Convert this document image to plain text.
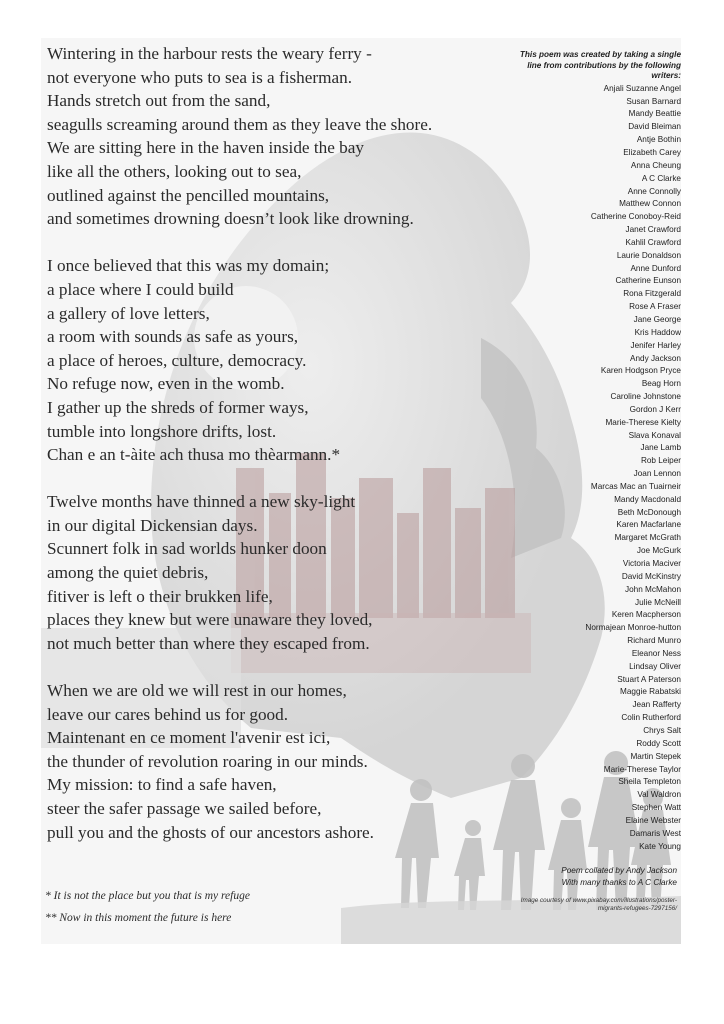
Wintering in the harbour rests the weary ferry -
not everyone who puts to sea is a fisherman.
Hands stretch out from the sand,
seagulls screaming around them as they leave the shore.
We are sitting here in the haven inside the bay
like all the others, looking out to sea,
outlined against the pencilled mountains,
and sometimes drowning doesn’t look like drowning.
I once believed that this was my domain;
a place where I could build
a gallery of love letters,
a room with sounds as safe as yours,
a place of heroes, culture, democracy.
No refuge now, even in the womb.
I gather up the shreds of former ways,
tumble into longshore drifts, lost.
Chan e an t-àite ach thusa mo thèarmann.*
Twelve months have thinned a new sky-light
in our digital Dickensian days.
Scunnert folk in sad worlds hunker doon
among the quiet debris,
fitiver is left o their brukken life,
places they knew but were unaware they loved,
not much better than where they escaped from.
When we are old we will rest in our homes,
leave our cares behind us for good.
Maintenant en ce moment l'avenir est ici,
the thunder of revolution roaring in our minds.
My mission: to find a safe haven,
steer the safer passage we sailed before,
pull you and the ghosts of our ancestors ashore.
* It is not the place but you that is my refuge
** Now in this moment the future is here
This poem was created by taking a single
line from contributions by the following
writers:
Anjali Suzanne Angel
Susan Barnard
Mandy Beattie
David Bleiman
Antje Bothin
Elizabeth Carey
Anna Cheung
A C Clarke
Anne Connolly
Matthew Connon
Catherine Conoboy-Reid
Janet Crawford
Kahlil Crawford
Laurie Donaldson
Anne Dunford
Catherine Eunson
Rona Fitzgerald
Rose A Fraser
Jane George
Kris Haddow
Jenifer Harley
Andy Jackson
Karen Hodgson Pryce
Beag Horn
Caroline Johnstone
Gordon J Kerr
Marie-Therese Kielty
Slava Konaval
Jane Lamb
Rob Leiper
Joan Lennon
Marcas Mac an Tuairneir
Mandy Macdonald
Beth McDonough
Karen Macfarlane
Margaret McGrath
Joe McGurk
Victoria Maciver
David McKinstry
John McMahon
Julie McNeill
Keren Macpherson
Normajean Monroe-hutton
Richard Munro
Eleanor Ness
Lindsay Oliver
Stuart A Paterson
Maggie Rabatski
Jean Rafferty
Colin Rutherford
Chrys Salt
Roddy Scott
Martin Stepek
Marie-Therese Taylor
Sheila Templeton
Val Waldron
Stephen Watt
Elaine Webster
Damaris West
Kate Young
Poem collated by Andy Jackson
With many thanks to A C Clarke
Image courtesy of www.pixabay.com/illustrations/poster-
migrants-refugees-7297156/
